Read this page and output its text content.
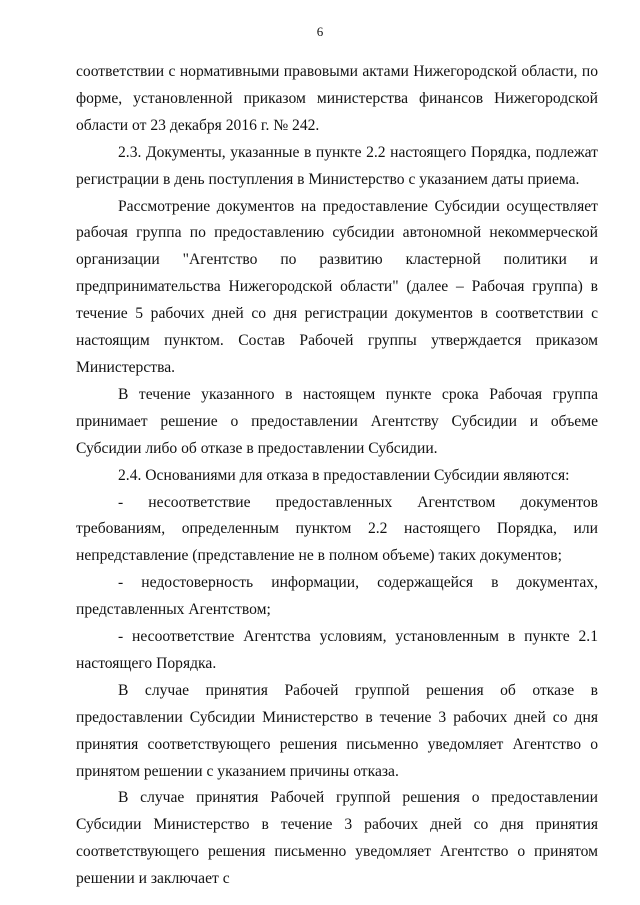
6

соответствии с нормативными правовыми актами Нижегородской области, по форме, установленной приказом министерства финансов Нижегородской области от 23 декабря 2016 г. № 242.

2.3. Документы, указанные в пункте 2.2 настоящего Порядка, подлежат регистрации в день поступления в Министерство с указанием даты приема.

Рассмотрение документов на предоставление Субсидии осуществляет рабочая группа по предоставлению субсидии автономной некоммерческой организации "Агентство по развитию кластерной политики и предпринимательства Нижегородской области" (далее – Рабочая группа) в течение 5 рабочих дней со дня регистрации документов в соответствии с настоящим пунктом. Состав Рабочей группы утверждается приказом Министерства.

В течение указанного в настоящем пункте срока Рабочая группа принимает решение о предоставлении Агентству Субсидии и объеме Субсидии либо об отказе в предоставлении Субсидии.

2.4. Основаниями для отказа в предоставлении Субсидии являются:

- несоответствие предоставленных Агентством документов требованиям, определенным пунктом 2.2 настоящего Порядка, или непредставление (представление не в полном объеме) таких документов;

- недостоверность информации, содержащейся в документах, представленных Агентством;

- несоответствие Агентства условиям, установленным в пункте 2.1 настоящего Порядка.

В случае принятия Рабочей группой решения об отказе в предоставлении Субсидии Министерство в течение 3 рабочих дней со дня принятия соответствующего решения письменно уведомляет Агентство о принятом решении с указанием причины отказа.

В случае принятия Рабочей группой решения о предоставлении Субсидии Министерство в течение 3 рабочих дней со дня принятия соответствующего решения письменно уведомляет Агентство о принятом решении и заключает с
